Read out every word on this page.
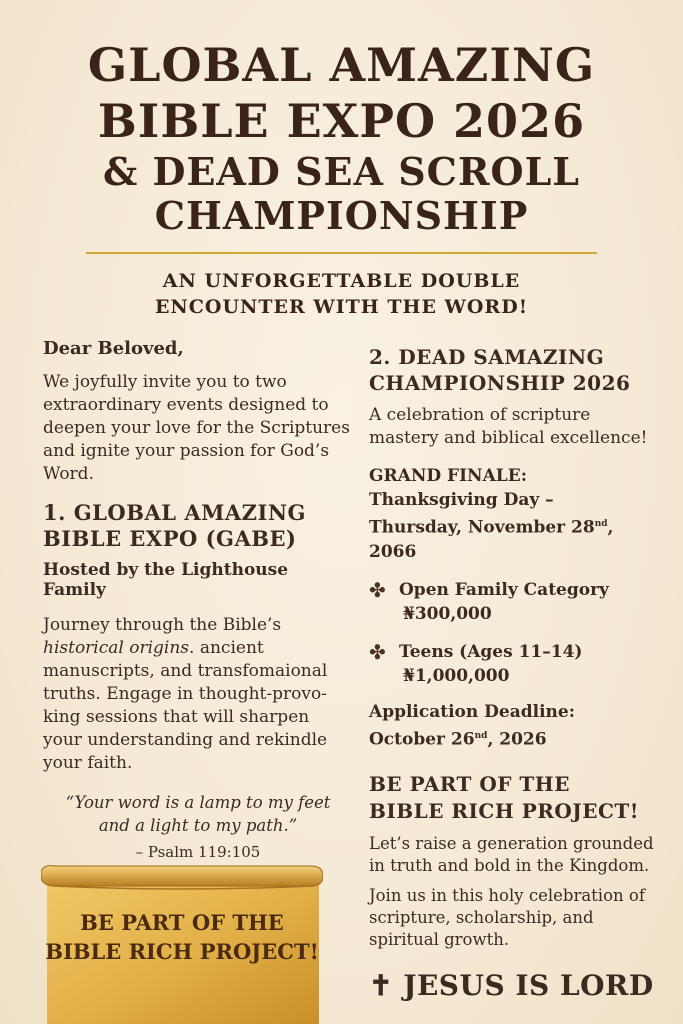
GLOBAL AMAZING
BIBLE EXPO 2026
& DEAD SEA SCROLL
CHAMPIONSHIP
AN UNFORGETTABLE DOUBLE
ENCOUNTER WITH THE WORD!

Dear Beloved,

We joyfully invite you to two extraordinary events designed to deepen your love for the Scriptures and ignite your passion for God’s Word.

1. GLOBAL AMAZING
BIBLE EXPO (GABE)

Hosted by the Lighthouse Family

Journey through the Bible’s historical origins. ancient manuscripts, and transfomaional truths. Engage in thought-provo-king sessions that will sharpen your understanding and rekindle your faith.

“Your word is a lamp to my feet
and a light to my path.”
– Psalm 119:105
BE PART OF THE
BIBLE RICH PROJECT!
2. DEAD SAMAZING
CHAMPIONSHIP 2026
A celebration of scripture mastery and biblical excellence!
GRAND FINALE:
Thanksgiving Day –
Thursday, November 28nd, 2066
✤ Open Family Category
₦300,000
✤ Teens (Ages 11–14)
₦1,000,000
Application Deadline:
October 26nd, 2026
BE PART OF THE
BIBLE RICH PROJECT!
Let’s raise a generation grounded in truth and bold in the Kingdom.
Join us in this holy celebration of scripture, scholarship, and spiritual growth.
✝ JESUS IS LORD
